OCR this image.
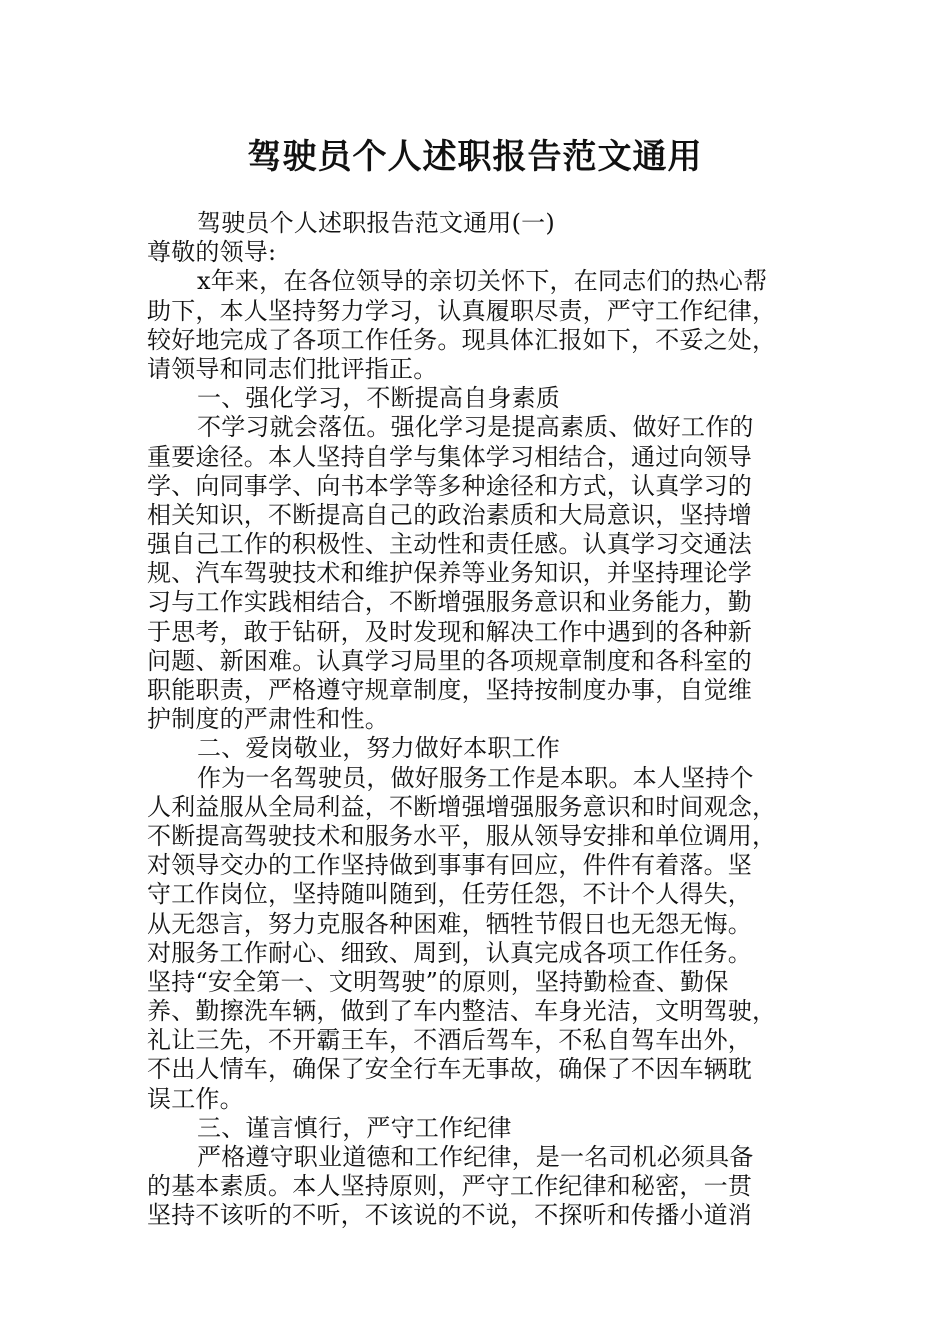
驾驶员个人述职报告范文通用
驾驶员个人述职报告范文通用(一)
尊敬的领导:
x年来，在各位领导的亲切关怀下，在同志们的热心帮
助下，本人坚持努力学习，认真履职尽责，严守工作纪律，
较好地完成了各项工作任务。现具体汇报如下，不妥之处，
请领导和同志们批评指正。
一、强化学习，不断提高自身素质
不学习就会落伍。强化学习是提高素质、做好工作的
重要途径。本人坚持自学与集体学习相结合，通过向领导
学、向同事学、向书本学等多种途径和方式，认真学习的
相关知识，不断提高自己的政治素质和大局意识，坚持增
强自己工作的积极性、主动性和责任感。认真学习交通法
规、汽车驾驶技术和维护保养等业务知识，并坚持理论学
习与工作实践相结合，不断增强服务意识和业务能力，勤
于思考，敢于钻研，及时发现和解决工作中遇到的各种新
问题、新困难。认真学习局里的各项规章制度和各科室的
职能职责，严格遵守规章制度，坚持按制度办事，自觉维
护制度的严肃性和性。
二、爱岗敬业，努力做好本职工作
作为一名驾驶员，做好服务工作是本职。本人坚持个
人利益服从全局利益，不断增强增强服务意识和时间观念，
不断提高驾驶技术和服务水平，服从领导安排和单位调用，
对领导交办的工作坚持做到事事有回应，件件有着落。坚
守工作岗位，坚持随叫随到，任劳任怨，不计个人得失，
从无怨言，努力克服各种困难，牺牲节假日也无怨无悔。
对服务工作耐心、细致、周到，认真完成各项工作任务。
坚持“安全第一、文明驾驶”的原则，坚持勤检查、勤保
养、勤擦洗车辆，做到了车内整洁、车身光洁，文明驾驶，
礼让三先，不开霸王车，不酒后驾车，不私自驾车出外，
不出人情车，确保了安全行车无事故，确保了不因车辆耽
误工作。
三、谨言慎行，严守工作纪律
严格遵守职业道德和工作纪律，是一名司机必须具备
的基本素质。本人坚持原则，严守工作纪律和秘密，一贯
坚持不该听的不听，不该说的不说，不探听和传播小道消
